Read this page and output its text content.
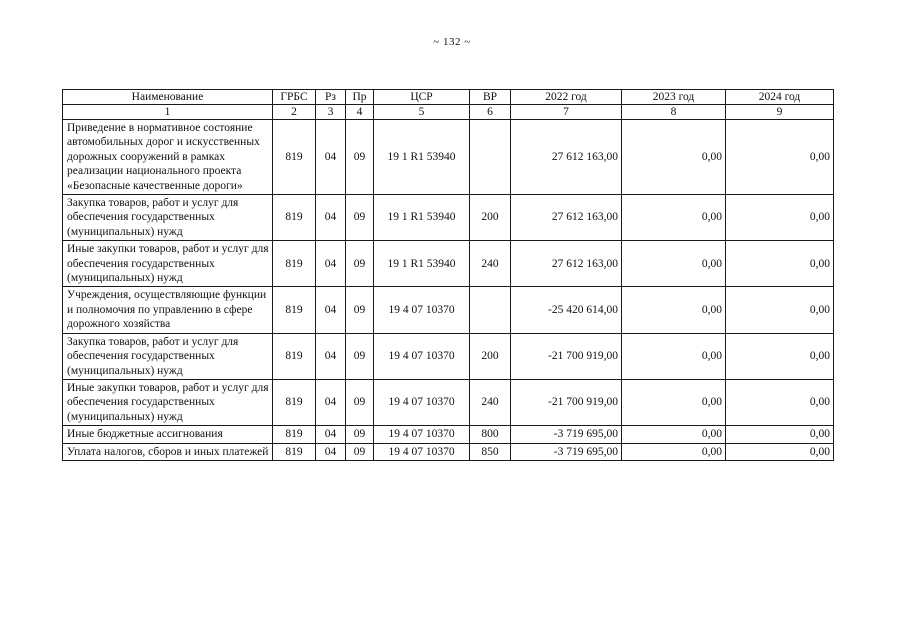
~ 132 ~
Наименование	ГРБС	Рз	Пр	ЦСР	ВР	2022 год	2023 год	2024 год
1	2	3	4	5	6	7	8	9
Приведение в нормативное состояние автомобильных дорог и искусственных дорожных сооружений в рамках реализации национального проекта «Безопасные качественные дороги»	819	04	09	19 1 R1 53940		27 612 163,00	0,00	0,00
Закупка товаров, работ и услуг для обеспечения государственных (муниципальных) нужд	819	04	09	19 1 R1 53940	200	27 612 163,00	0,00	0,00
Иные закупки товаров, работ и услуг для обеспечения государственных (муниципальных) нужд	819	04	09	19 1 R1 53940	240	27 612 163,00	0,00	0,00
Учреждения, осуществляющие функции и полномочия по управлению в сфере дорожного хозяйства	819	04	09	19 4 07 10370		-25 420 614,00	0,00	0,00
Закупка товаров, работ и услуг для обеспечения государственных (муниципальных) нужд	819	04	09	19 4 07 10370	200	-21 700 919,00	0,00	0,00
Иные закупки товаров, работ и услуг для обеспечения государственных (муниципальных) нужд	819	04	09	19 4 07 10370	240	-21 700 919,00	0,00	0,00
Иные бюджетные ассигнования	819	04	09	19 4 07 10370	800	-3 719 695,00	0,00	0,00
Уплата налогов, сборов и иных платежей	819	04	09	19 4 07 10370	850	-3 719 695,00	0,00	0,00
